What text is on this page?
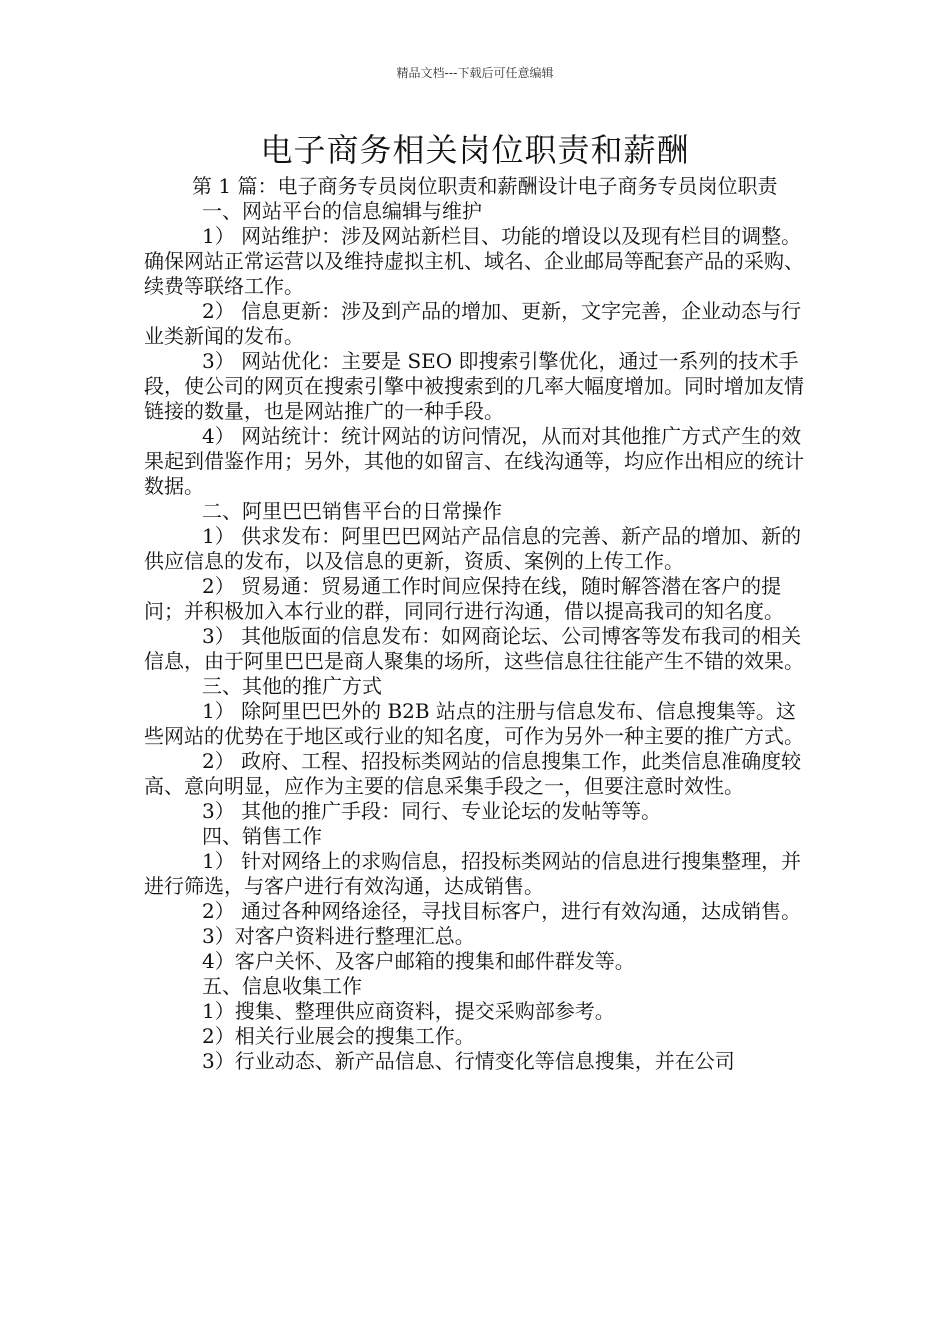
精品文档---下载后可任意编辑
电子商务相关岗位职责和薪酬

第 1 篇：电子商务专员岗位职责和薪酬设计电子商务专员岗位职责

一、网站平台的信息编辑与维护

1） 网站维护：涉及网站新栏目、功能的增设以及现有栏目的调整。确保网站正常运营以及维持虚拟主机、域名、企业邮局等配套产品的采购、续费等联络工作。

2） 信息更新：涉及到产品的增加、更新，文字完善，企业动态与行业类新闻的发布。

3） 网站优化：主要是 SEO 即搜索引擎优化，通过一系列的技术手段，使公司的网页在搜索引擎中被搜索到的几率大幅度增加。同时增加友情链接的数量，也是网站推广的一种手段。

4） 网站统计：统计网站的访问情况，从而对其他推广方式产生的效果起到借鉴作用；另外，其他的如留言、在线沟通等，均应作出相应的统计数据。

二、阿里巴巴销售平台的日常操作

1） 供求发布：阿里巴巴网站产品信息的完善、新产品的增加、新的供应信息的发布，以及信息的更新，资质、案例的上传工作。

2） 贸易通：贸易通工作时间应保持在线，随时解答潜在客户的提问；并积极加入本行业的群，同同行进行沟通，借以提高我司的知名度。

3） 其他版面的信息发布：如网商论坛、公司博客等发布我司的相关信息，由于阿里巴巴是商人聚集的场所，这些信息往往能产生不错的效果。

三、其他的推广方式

1） 除阿里巴巴外的 B2B 站点的注册与信息发布、信息搜集等。这些网站的优势在于地区或行业的知名度，可作为另外一种主要的推广方式。

2） 政府、工程、招投标类网站的信息搜集工作，此类信息准确度较高、意向明显，应作为主要的信息采集手段之一，但要注意时效性。

3） 其他的推广手段：同行、专业论坛的发帖等等。

四、销售工作

1） 针对网络上的求购信息，招投标类网站的信息进行搜集整理，并进行筛选，与客户进行有效沟通，达成销售。

2） 通过各种网络途径，寻找目标客户，进行有效沟通，达成销售。

3）对客户资料进行整理汇总。

4）客户关怀、及客户邮箱的搜集和邮件群发等。

五、信息收集工作

1）搜集、整理供应商资料，提交采购部参考。

2）相关行业展会的搜集工作。

3）行业动态、新产品信息、行情变化等信息搜集，并在公司
